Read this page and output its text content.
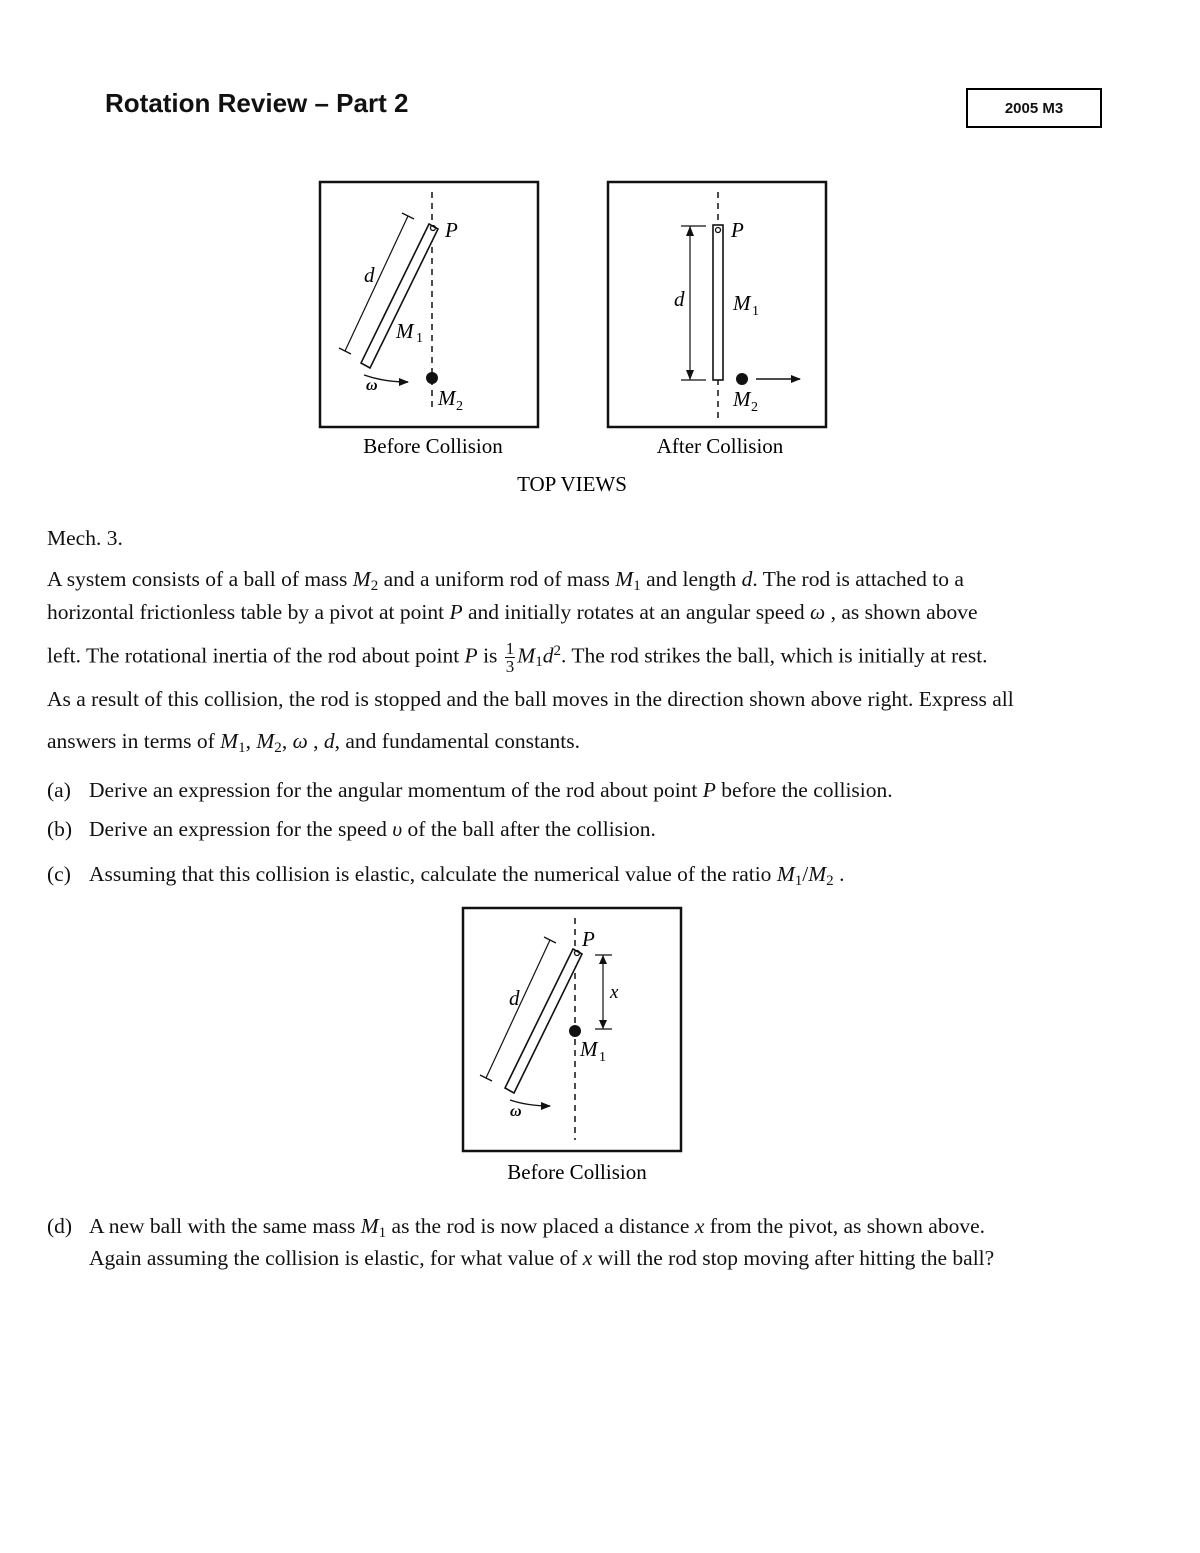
Rotation Review – Part 2	2005 M3
P
d
M 1
ω
M 2
Before Collision
P
d M 1
M 2
After Collision
TOP VIEWS
P
d	x
M 1
ω
Before Collision
Mech. 3.
A system consists of a ball of mass $M_2$ and a uniform rod of mass $M_1$ and length d. The rod is attached to a
horizontal frictionless table by a pivot at point P and initially rotates at an angular speed ω , as shown above
left. The rotational inertia of the rod about point P is $\frac{1}{3} M_1d^2$. The rod strikes the ball, which is initially at rest.
As a result of this collision, the rod is stopped and the ball moves in the direction shown above right. Express all
answers in terms of $M_1$, $M_2$, ω , d, and fundamental constants.
(a) Derive an expression for the angular momentum of the rod about point P before the collision.
(b) Derive an expression for the speed υ of the ball after the collision.
(c) Assuming that this collision is elastic, calculate the numerical value of the ratio $M_1/M_2$ .
(d) A new ball with the same mass $M_1$ as the rod is now placed a distance x from the pivot, as shown above.
Again assuming the collision is elastic, for what value of x will the rod stop moving after hitting the ball?
